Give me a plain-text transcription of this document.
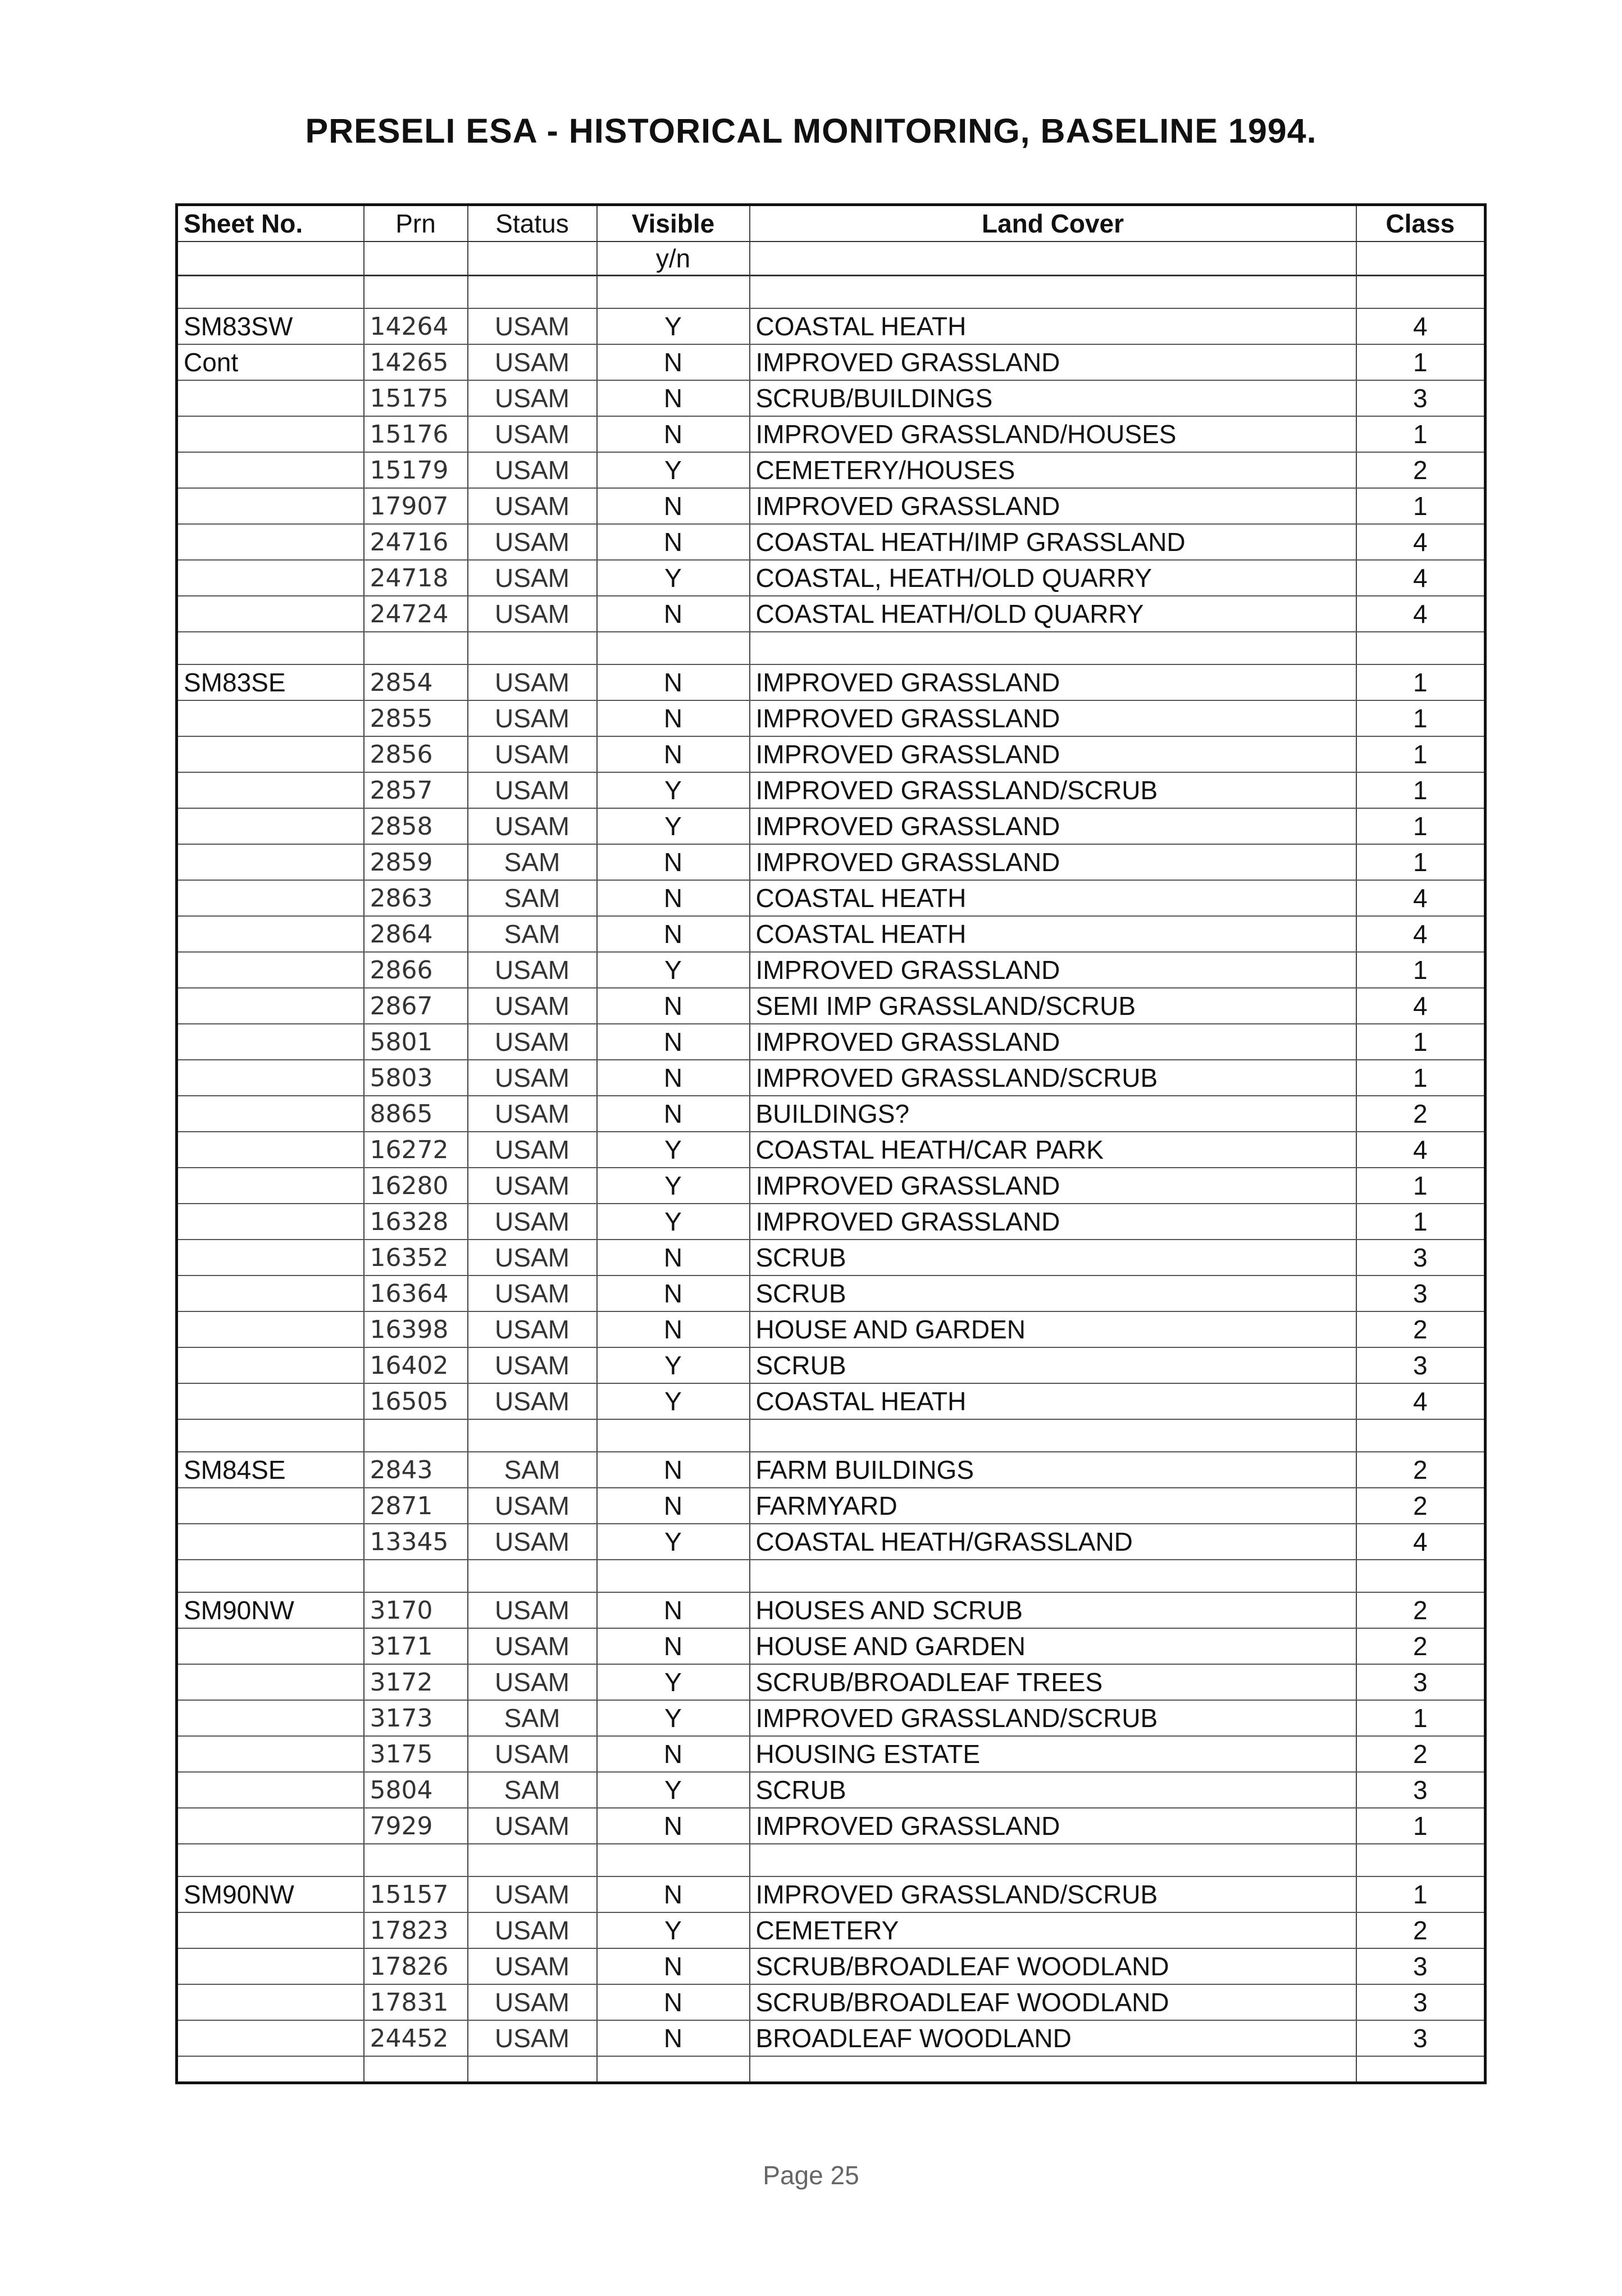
PRESELI ESA - HISTORICAL MONITORING, BASELINE 1994.
Sheet No.	Prn	Status	Visible	Land Cover	Class
			y/n		

SM83SW	14264	USAM	Y	COASTAL HEATH	4
Cont	14265	USAM	N	IMPROVED GRASSLAND	1
	15175	USAM	N	SCRUB/BUILDINGS	3
	15176	USAM	N	IMPROVED GRASSLAND/HOUSES	1
	15179	USAM	Y	CEMETERY/HOUSES	2
	17907	USAM	N	IMPROVED GRASSLAND	1
	24716	USAM	N	COASTAL HEATH/IMP GRASSLAND	4
	24718	USAM	Y	COASTAL, HEATH/OLD QUARRY	4
	24724	USAM	N	COASTAL HEATH/OLD QUARRY	4

SM83SE	2854	USAM	N	IMPROVED GRASSLAND	1
	2855	USAM	N	IMPROVED GRASSLAND	1
	2856	USAM	N	IMPROVED GRASSLAND	1
	2857	USAM	Y	IMPROVED GRASSLAND/SCRUB	1
	2858	USAM	Y	IMPROVED GRASSLAND	1
	2859	SAM	N	IMPROVED GRASSLAND	1
	2863	SAM	N	COASTAL HEATH	4
	2864	SAM	N	COASTAL HEATH	4
	2866	USAM	Y	IMPROVED GRASSLAND	1
	2867	USAM	N	SEMI IMP GRASSLAND/SCRUB	4
	5801	USAM	N	IMPROVED GRASSLAND	1
	5803	USAM	N	IMPROVED GRASSLAND/SCRUB	1
	8865	USAM	N	BUILDINGS?	2
	16272	USAM	Y	COASTAL HEATH/CAR PARK	4
	16280	USAM	Y	IMPROVED GRASSLAND	1
	16328	USAM	Y	IMPROVED GRASSLAND	1
	16352	USAM	N	SCRUB	3
	16364	USAM	N	SCRUB	3
	16398	USAM	N	HOUSE AND GARDEN	2
	16402	USAM	Y	SCRUB	3
	16505	USAM	Y	COASTAL HEATH	4

SM84SE	2843	SAM	N	FARM BUILDINGS	2
	2871	USAM	N	FARMYARD	2
	13345	USAM	Y	COASTAL HEATH/GRASSLAND	4

SM90NW	3170	USAM	N	HOUSES AND SCRUB	2
	3171	USAM	N	HOUSE AND GARDEN	2
	3172	USAM	Y	SCRUB/BROADLEAF TREES	3
	3173	SAM	Y	IMPROVED GRASSLAND/SCRUB	1
	3175	USAM	N	HOUSING ESTATE	2
	5804	SAM	Y	SCRUB	3
	7929	USAM	N	IMPROVED GRASSLAND	1

SM90NW	15157	USAM	N	IMPROVED GRASSLAND/SCRUB	1
	17823	USAM	Y	CEMETERY	2
	17826	USAM	N	SCRUB/BROADLEAF WOODLAND	3
	17831	USAM	N	SCRUB/BROADLEAF WOODLAND	3
	24452	USAM	N	BROADLEAF WOODLAND	3

Page 25
